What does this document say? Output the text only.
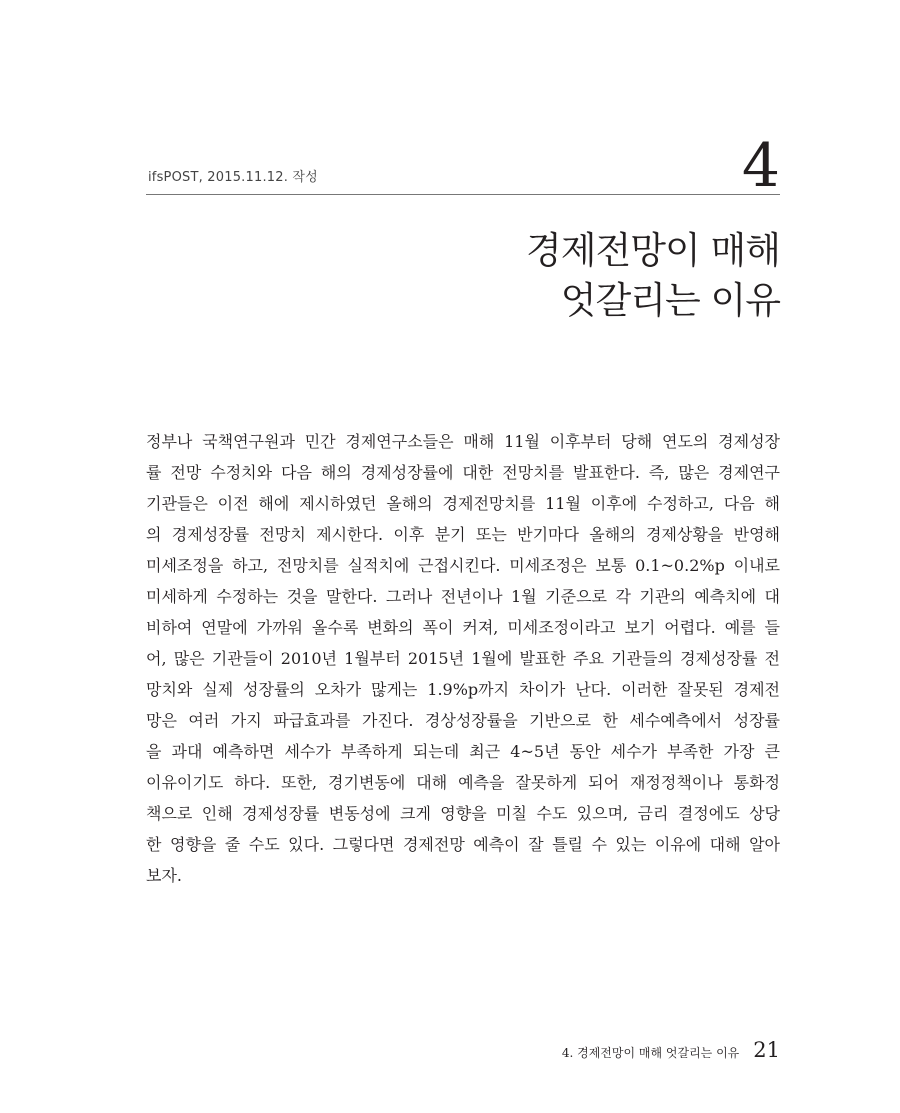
ifsPOST, 2015.11.12. 작성	4
경제전망이 매해
엇갈리는 이유
정부나 국책연구원과 민간 경제연구소들은 매해 11월 이후부터 당해 연도의 경제성장
률 전망 수정치와 다음 해의 경제성장률에 대한 전망치를 발표한다. 즉, 많은 경제연구
기관들은 이전 해에 제시하였던 올해의 경제전망치를 11월 이후에 수정하고, 다음 해
의 경제성장률 전망치 제시한다. 이후 분기 또는 반기마다 올해의 경제상황을 반영해
미세조정을 하고, 전망치를 실적치에 근접시킨다. 미세조정은 보통 0.1~0.2%p 이내로
미세하게 수정하는 것을 말한다. 그러나 전년이나 1월 기준으로 각 기관의 예측치에 대
비하여 연말에 가까워 올수록 변화의 폭이 커져, 미세조정이라고 보기 어렵다. 예를 들
어, 많은 기관들이 2010년 1월부터 2015년 1월에 발표한 주요 기관들의 경제성장률 전
망치와 실제 성장률의 오차가 많게는 1.9%p까지 차이가 난다. 이러한 잘못된 경제전
망은 여러 가지 파급효과를 가진다. 경상성장률을 기반으로 한 세수예측에서 성장률
을 과대 예측하면 세수가 부족하게 되는데 최근 4~5년 동안 세수가 부족한 가장 큰
이유이기도 하다. 또한, 경기변동에 대해 예측을 잘못하게 되어 재정정책이나 통화정
책으로 인해 경제성장률 변동성에 크게 영향을 미칠 수도 있으며, 금리 결정에도 상당
한 영향을 줄 수도 있다. 그렇다면 경제전망 예측이 잘 틀릴 수 있는 이유에 대해 알아
보자.
4. 경제전망이 매해 엇갈리는 이유 21
